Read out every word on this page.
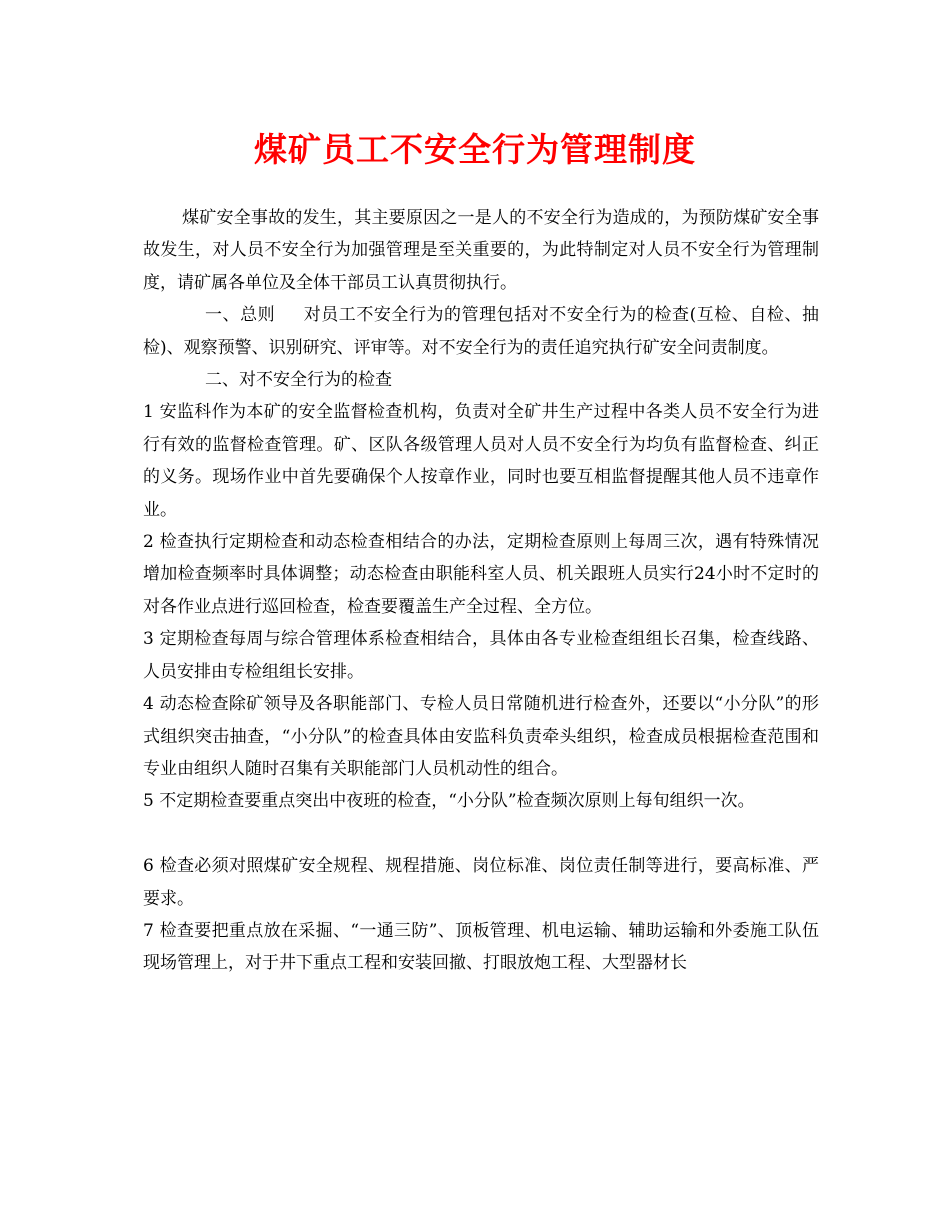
煤矿员工不安全行为管理制度

煤矿安全事故的发生，其主要原因之一是人的不安全行为造成的，为预防煤矿安全事故发生，对人员不安全行为加强管理是至关重要的，为此特制定对人员不安全行为管理制度，请矿属各单位及全体干部员工认真贯彻执行。

一、总则 对员工不安全行为的管理包括对不安全行为的检查(互检、自检、抽检)、观察预警、识别研究、评审等。对不安全行为的责任追究执行矿安全问责制度。

二、对不安全行为的检查

1 安监科作为本矿的安全监督检查机构，负责对全矿井生产过程中各类人员不安全行为进行有效的监督检查管理。矿、区队各级管理人员对人员不安全行为均负有监督检查、纠正的义务。现场作业中首先要确保个人按章作业，同时也要互相监督提醒其他人员不违章作业。

2 检查执行定期检查和动态检查相结合的办法，定期检查原则上每周三次，遇有特殊情况增加检查频率时具体调整；动态检查由职能科室人员、机关跟班人员实行24小时不定时的对各作业点进行巡回检查，检查要覆盖生产全过程、全方位。

3 定期检查每周与综合管理体系检查相结合，具体由各专业检查组组长召集，检查线路、人员安排由专检组组长安排。

4 动态检查除矿领导及各职能部门、专检人员日常随机进行检查外，还要以“小分队”的形式组织突击抽查，“小分队”的检查具体由安监科负责牵头组织，检查成员根据检查范围和专业由组织人随时召集有关职能部门人员机动性的组合。

5 不定期检查要重点突出中夜班的检查，“小分队”检查频次原则上每旬组织一次。

6 检查必须对照煤矿安全规程、规程措施、岗位标准、岗位责任制等进行，要高标准、严要求。

7 检查要把重点放在采掘、“一通三防”、顶板管理、机电运输、辅助运输和外委施工队伍现场管理上，对于井下重点工程和安装回撤、打眼放炮工程、大型器材长
